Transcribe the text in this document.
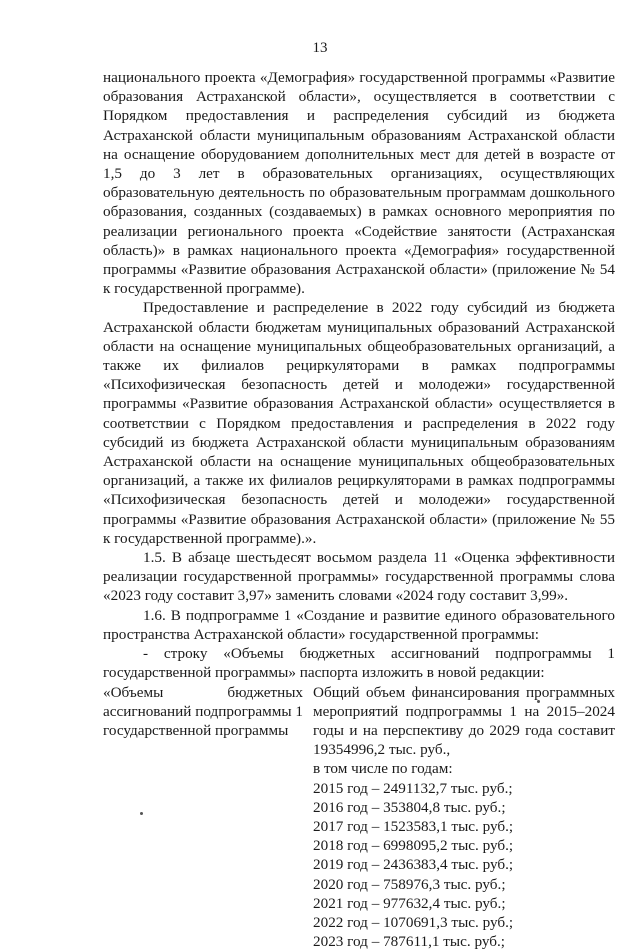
13

национального проекта «Демография» государственной программы «Развитие образования Астраханской области», осуществляется в соответствии с Порядком предоставления и распределения субсидий из бюджета Астраханской области муниципальным образованиям Астраханской области на оснащение оборудованием дополнительных мест для детей в возрасте от 1,5 до 3 лет в образовательных организациях, осуществляющих образовательную деятельность по образовательным программам дошкольного образования, созданных (создаваемых) в рамках основного мероприятия по реализации регионального проекта «Содействие занятости (Астраханская область)» в рамках национального проекта «Демография» государственной программы «Развитие образования Астраханской области» (приложение № 54 к государственной программе).

Предоставление и распределение в 2022 году субсидий из бюджета Астраханской области бюджетам муниципальных образований Астраханской области на оснащение муниципальных общеобразовательных организаций, а также их филиалов рециркуляторами в рамках подпрограммы «Психофизическая безопасность детей и молодежи» государственной программы «Развитие образования Астраханской области» осуществляется в соответствии с Порядком предоставления и распределения в 2022 году субсидий из бюджета Астраханской области муниципальным образованиям Астраханской области на оснащение муниципальных общеобразовательных организаций, а также их филиалов рециркуляторами в рамках подпрограммы «Психофизическая безопасность детей и молодежи» государственной программы «Развитие образования Астраханской области» (приложение № 55 к государственной программе).».

1.5. В абзаце шестьдесят восьмом раздела 11 «Оценка эффективности реализации государственной программы» государственной программы слова «2023 году составит 3,97» заменить словами «2024 году составит 3,99».

1.6. В подпрограмме 1 «Создание и развитие единого образовательного пространства Астраханской области» государственной программы:

- строку «Объемы бюджетных ассигнований подпрограммы 1 государственной программы» паспорта изложить в новой редакции:

«Объемы бюджетных ассигнований подпрограммы 1 государственной программы
Общий объем финансирования программных мероприятий подпрограммы 1 на 2015–2024 годы и на перспективу до 2029 года составит 19354996,2 тыс. руб.,
в том числе по годам:
2015 год – 2491132,7 тыс. руб.;
2016 год – 353804,8 тыс. руб.;
2017 год – 1523583,1 тыс. руб.;
2018 год – 6998095,2 тыс. руб.;
2019 год – 2436383,4 тыс. руб.;
2020 год – 758976,3 тыс. руб.;
2021 год – 977632,4 тыс. руб.;
2022 год – 1070691,3 тыс. руб.;
2023 год – 787611,1 тыс. руб.;
